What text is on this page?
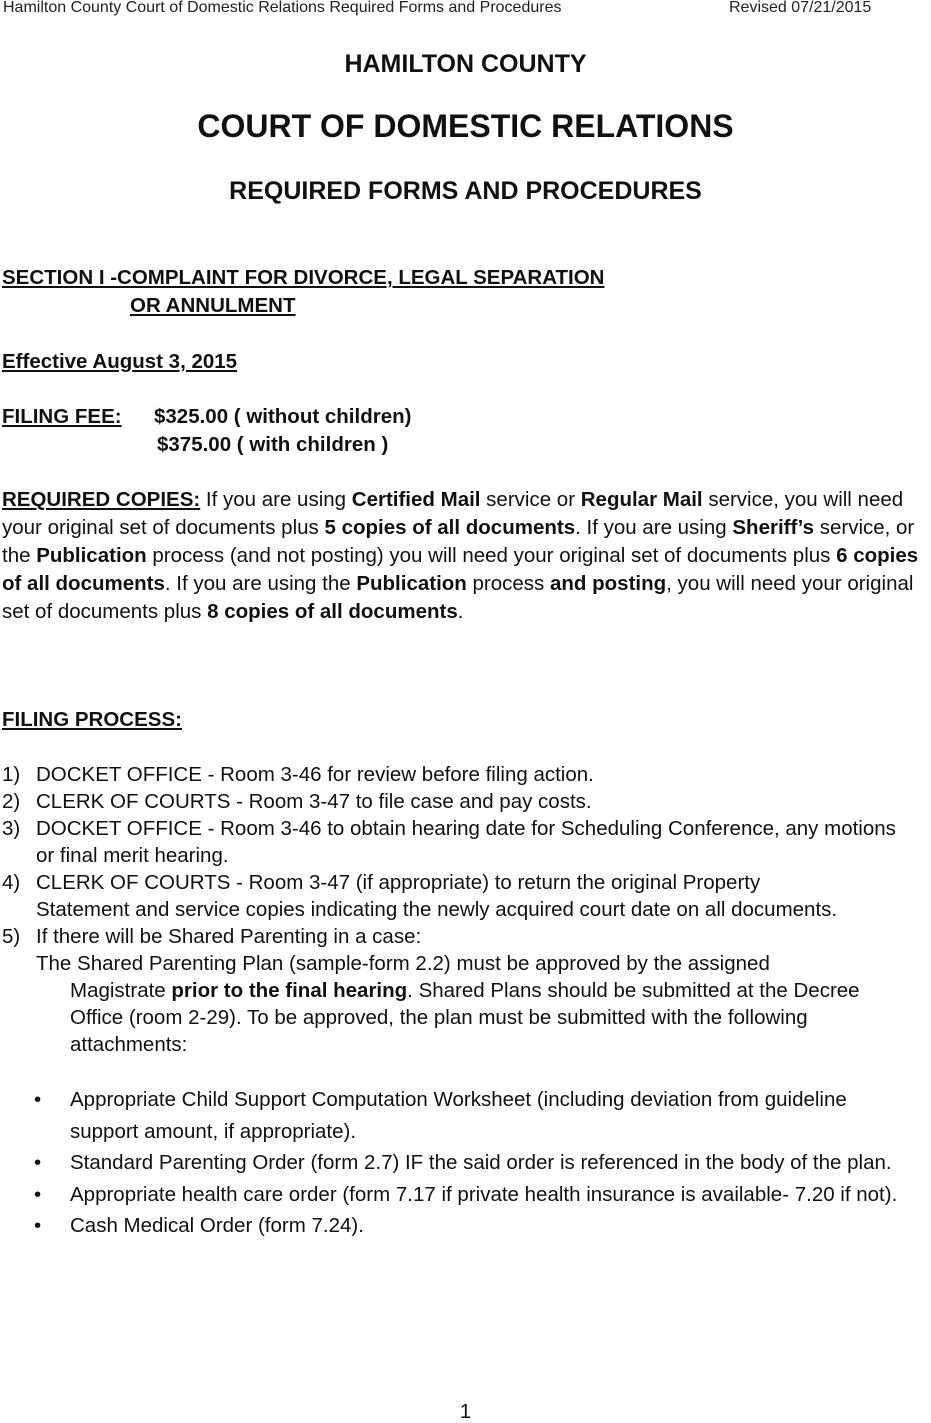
Hamilton County Court of Domestic Relations Required Forms and Procedures	Revised 07/21/2015
HAMILTON COUNTY
COURT OF DOMESTIC RELATIONS
REQUIRED FORMS AND PROCEDURES
SECTION I -COMPLAINT FOR DIVORCE, LEGAL SEPARATION
OR ANNULMENT
Effective August 3, 2015
FILING FEE: $325.00 ( without children)
$375.00 ( with children )
REQUIRED COPIES: If you are using Certified Mail service or Regular Mail service, you will need your original set of documents plus 5 copies of all documents. If you are using Sheriff’s service, or the Publication process (and not posting) you will need your original set of documents plus 6 copies of all documents. If you are using the Publication process and posting, you will need your original set of documents plus 8 copies of all documents.
FILING PROCESS:
1) DOCKET OFFICE - Room 3-46 for review before filing action.
2) CLERK OF COURTS - Room 3-47 to file case and pay costs.
3) DOCKET OFFICE - Room 3-46 to obtain hearing date for Scheduling Conference, any motions or final merit hearing.
4) CLERK OF COURTS - Room 3-47 (if appropriate) to return the original Property Statement and service copies indicating the newly acquired court date on all documents.
5) If there will be Shared Parenting in a case:
The Shared Parenting Plan (sample-form 2.2) must be approved by the assigned
Magistrate prior to the final hearing. Shared Plans should be submitted at the Decree Office (room 2-29). To be approved, the plan must be submitted with the following attachments:
•	Appropriate Child Support Computation Worksheet (including deviation from guideline support amount, if appropriate).
•	Standard Parenting Order (form 2.7) IF the said order is referenced in the body of the plan.
•	Appropriate health care order (form 7.17 if private health insurance is available- 7.20 if not).
•	Cash Medical Order (form 7.24).
1
